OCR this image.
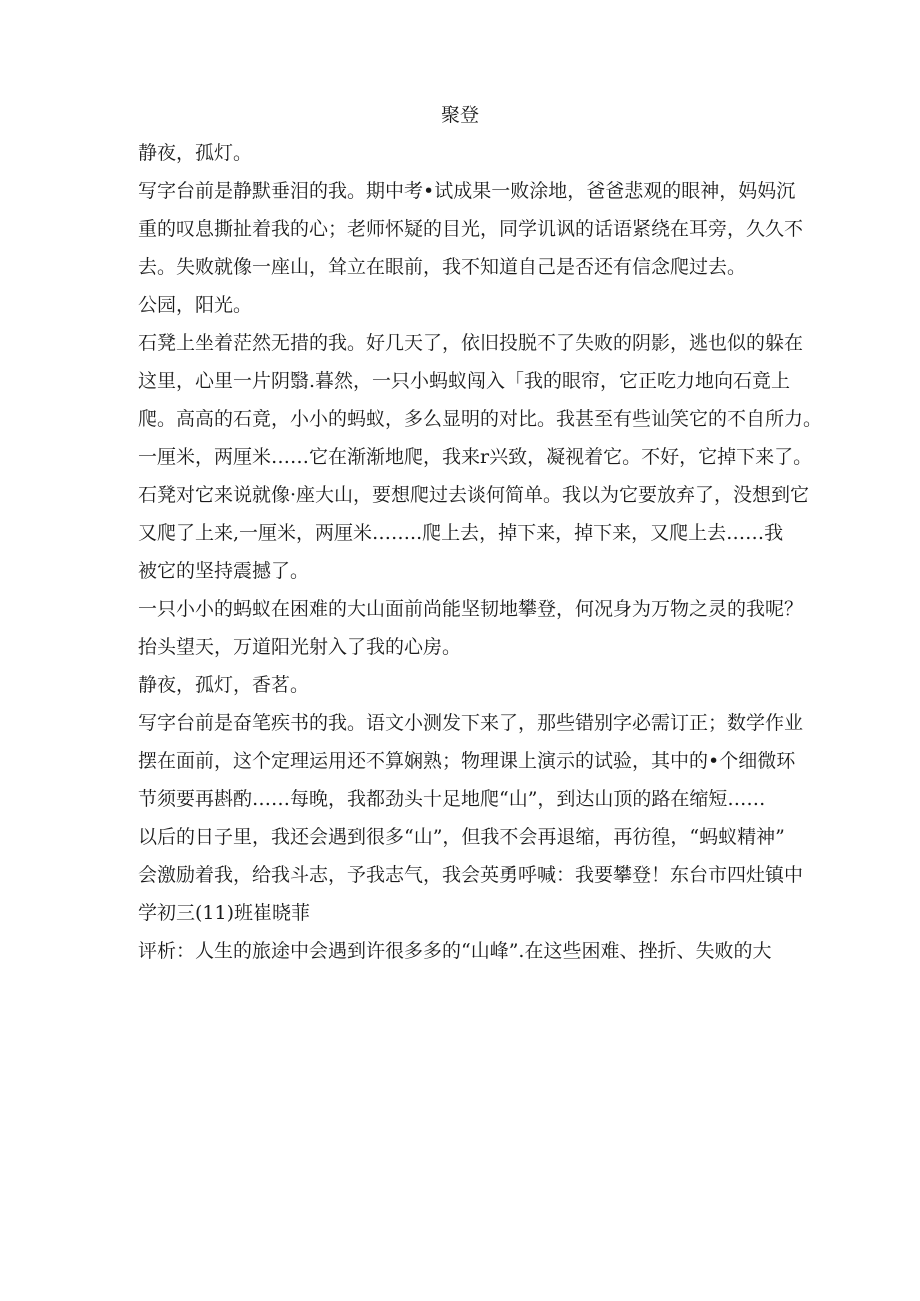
聚登
静夜，孤灯。
写字台前是静默垂泪的我。期中考•试成果一败涂地，爸爸悲观的眼神，妈妈沉
重的叹息撕扯着我的心；老师怀疑的目光，同学讥讽的话语紧绕在耳旁，久久不
去。失败就像一座山，耸立在眼前，我不知道自己是否还有信念爬过去。
公园，阳光。
石凳上坐着茫然无措的我。好几天了，依旧投脱不了失败的阴影，逃也似的躲在
这里，心里一片阴翳.暮然，一只小蚂蚁闯入「我的眼帘，它正吃力地向石竟上
爬。高高的石竟，小小的蚂蚁，多么显明的对比。我甚至有些讪笑它的不自所力。
一厘米，两厘米……它在渐渐地爬，我来r兴致，凝视着它。不好，它掉下来了。
石凳对它来说就像·座大山，要想爬过去谈何简单。我以为它要放弃了，没想到它
又爬了上来,一厘米，两厘米……..爬上去，掉下来，掉下来，又爬上去……我
被它的坚持震撼了。
一只小小的蚂蚁在困难的大山面前尚能坚韧地攀登，何况身为万物之灵的我呢？
抬头望天，万道阳光射入了我的心房。
静夜，孤灯，香茗。
写字台前是奋笔疾书的我。语文小测发下来了，那些错别字必需订正；数学作业
摆在面前，这个定理运用还不算娴熟；物理课上演示的试验，其中的•个细微环
节须要再斟酌……每晚，我都劲头十足地爬“山”，到达山顶的路在缩短……
以后的日子里，我还会遇到很多“山”，但我不会再退缩，再彷徨，“蚂蚁精神”
会激励着我，给我斗志，予我志气，我会英勇呼喊：我要攀登！东台市四灶镇中
学初三(11)班崔晓菲
评析：人生的旅途中会遇到许很多多的“山峰”.在这些困难、挫折、失败的大
